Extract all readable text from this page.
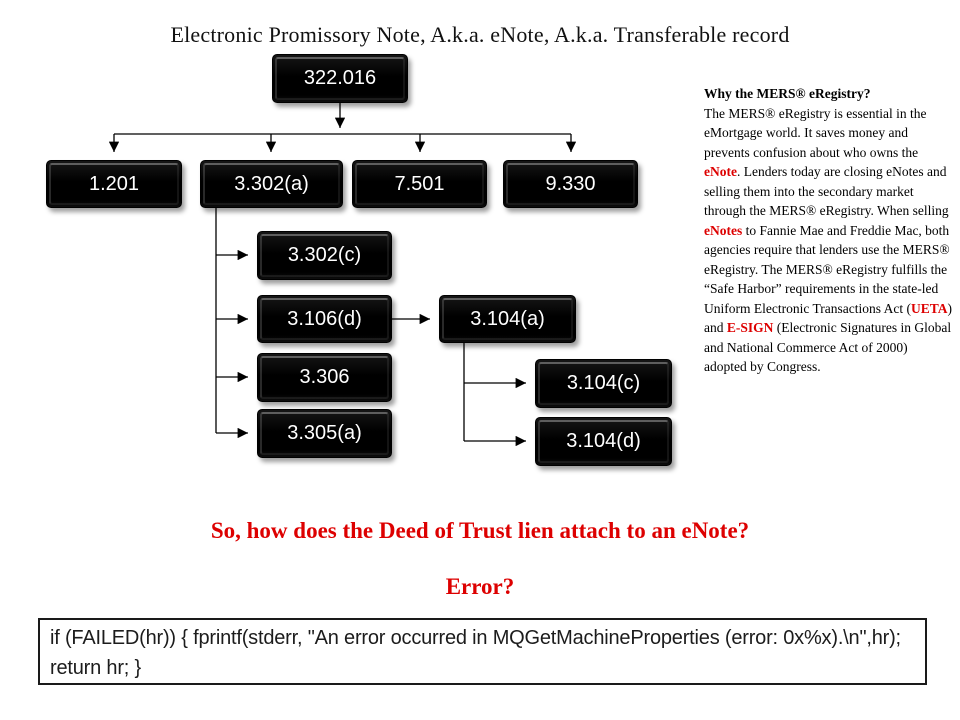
Electronic Promissory Note, A.k.a. eNote, A.k.a. Transferable record
322.016
1.201	3.302(a)	7.501	9.330
3.302(c)
3.106(d)
3.306
3.305(a)
3.104(a)
3.104(c)
3.104(d)
Why the MERS® eRegistry?
The MERS® eRegistry is essential in the eMortgage world. It saves money and prevents confusion about who owns the eNote. Lenders today are closing eNotes and selling them into the secondary market through the MERS® eRegistry. When selling eNotes to Fannie Mae and Freddie Mac, both agencies require that lenders use the MERS® eRegistry. The MERS® eRegistry fulfills the “Safe Harbor” requirements in the state-led Uniform Electronic Transactions Act (UETA) and E-SIGN (Electronic Signatures in Global and National Commerce Act of 2000) adopted by Congress.
So, how does the Deed of Trust lien attach to an eNote?
Error?
if (FAILED(hr)) { fprintf(stderr, "An error occurred in MQGetMachineProperties (error: 0x%x).\n",hr); return hr; }
